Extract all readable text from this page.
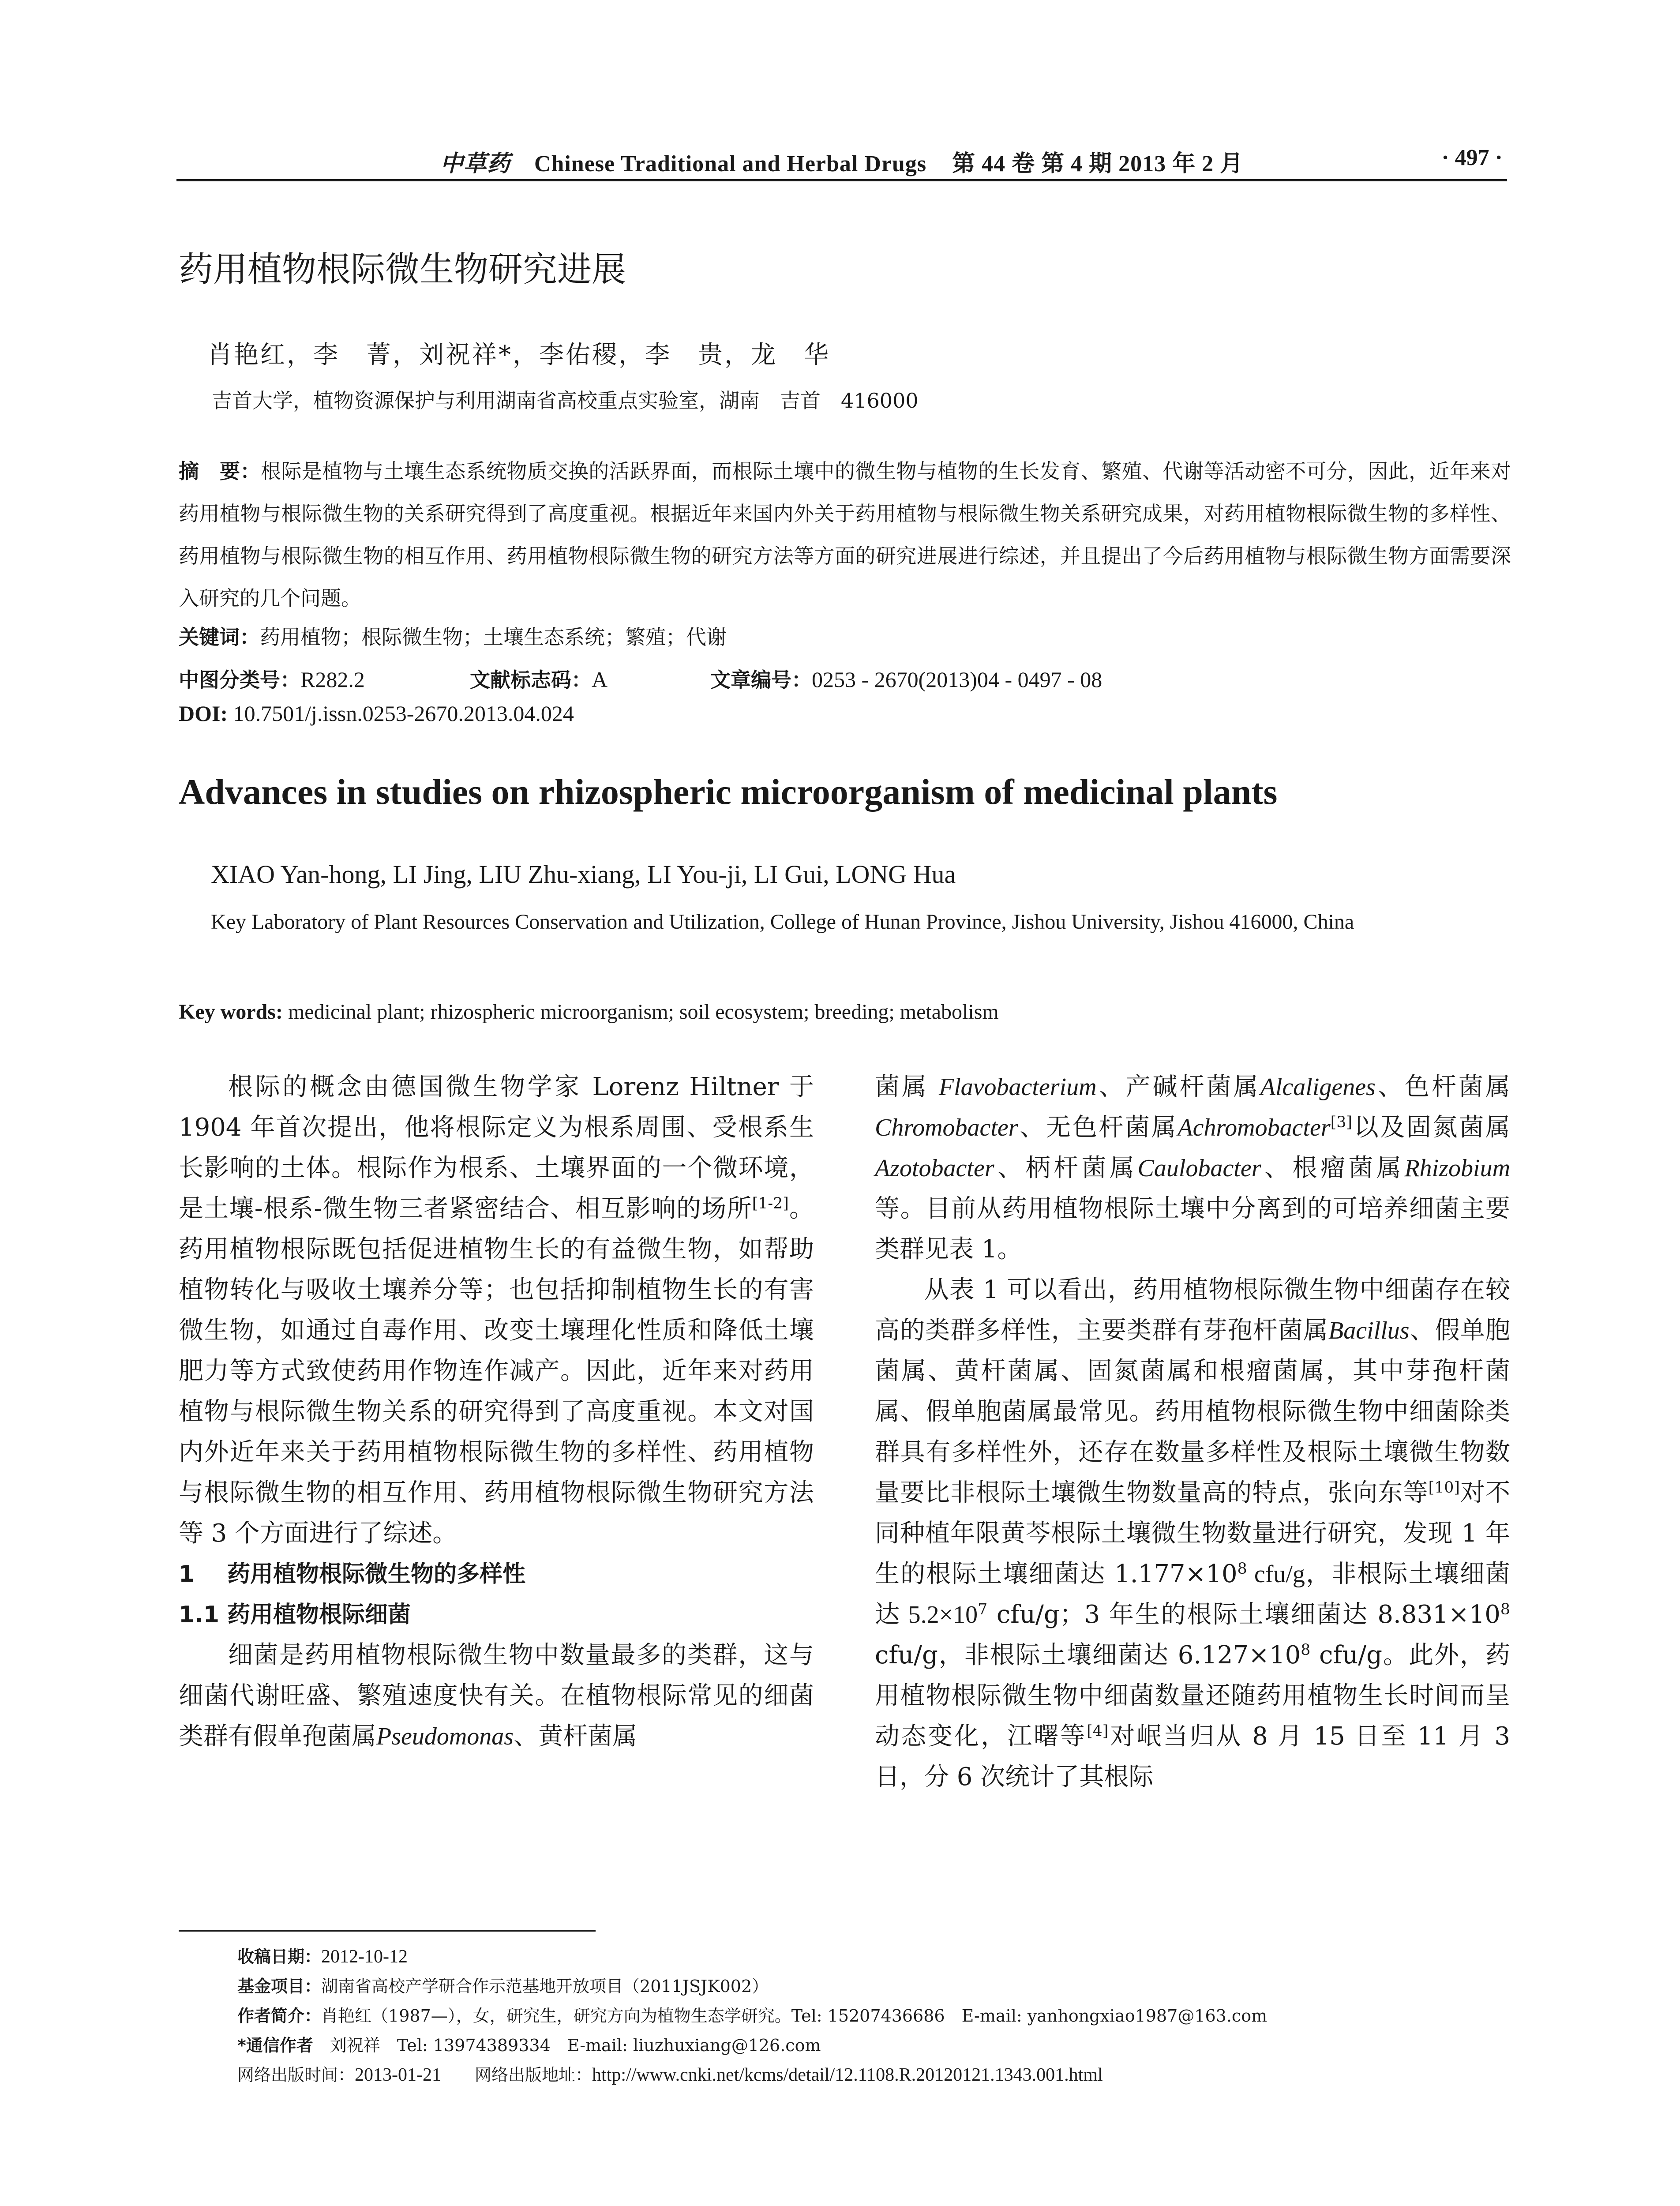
中草药 Chinese Traditional and Herbal Drugs 第 44 卷 第 4 期 2013 年 2 月	· 497 ·
药用植物根际微生物研究进展
肖艳红，李　菁，刘祝祥*，李佑稷，李　贵，龙　华
吉首大学，植物资源保护与利用湖南省高校重点实验室，湖南　吉首　416000
摘　要：根际是植物与土壤生态系统物质交换的活跃界面，而根际土壤中的微生物与植物的生长发育、繁殖、代谢等活动密不可分，因此，近年来对药用植物与根际微生物的关系研究得到了高度重视。根据近年来国内外关于药用植物与根际微生物关系研究成果，对药用植物根际微生物的多样性、药用植物与根际微生物的相互作用、药用植物根际微生物的研究方法等方面的研究进展进行综述，并且提出了今后药用植物与根际微生物方面需要深入研究的几个问题。
关键词：药用植物；根际微生物；土壤生态系统；繁殖；代谢
中图分类号：R282.2	文献标志码：A	文章编号：0253 - 2670(2013)04 - 0497 - 08
DOI: 10.7501/j.issn.0253-2670.2013.04.024
Advances in studies on rhizospheric microorganism of medicinal plants
XIAO Yan-hong, LI Jing, LIU Zhu-xiang, LI You-ji, LI Gui, LONG Hua
Key Laboratory of Plant Resources Conservation and Utilization, College of Hunan Province, Jishou University, Jishou 416000, China
Key words: medicinal plant; rhizospheric microorganism; soil ecosystem; breeding; metabolism

根际的概念由德国微生物学家 Lorenz Hiltner 于 1904 年首次提出，他将根际定义为根系周围、受根系生长影响的土体。根际作为根系、土壤界面的一个微环境，是土壤-根系-微生物三者紧密结合、相互影响的场所[1-2]。药用植物根际既包括促进植物生长的有益微生物，如帮助植物转化与吸收土壤养分等；也包括抑制植物生长的有害微生物，如通过自毒作用、改变土壤理化性质和降低土壤肥力等方式致使药用作物连作减产。因此，近年来对药用植物与根际微生物关系的研究得到了高度重视。本文对国内外近年来关于药用植物根际微生物的多样性、药用植物与根际微生物的相互作用、药用植物根际微生物研究方法等 3 个方面进行了综述。

1 药用植物根际微生物的多样性

1.1 药用植物根际细菌

细菌是药用植物根际微生物中数量最多的类群，这与细菌代谢旺盛、繁殖速度快有关。在植物根际常见的细菌类群有假单孢菌属Pseudomonas、黄杆菌属

菌属 Flavobacterium、产碱杆菌属Alcaligenes、色杆菌属Chromobacter、无色杆菌属Achromobacter[3]以及固氮菌属Azotobacter、柄杆菌属Caulobacter、根瘤菌属Rhizobium 等。目前从药用植物根际土壤中分离到的可培养细菌主要类群见表 1。

从表 1 可以看出，药用植物根际微生物中细菌存在较高的类群多样性，主要类群有芽孢杆菌属Bacillus、假单胞菌属、黄杆菌属、固氮菌属和根瘤菌属，其中芽孢杆菌属、假单胞菌属最常见。药用植物根际微生物中细菌除类群具有多样性外，还存在数量多样性及根际土壤微生物数量要比非根际土壤微生物数量高的特点，张向东等[10]对不同种植年限黄芩根际土壤微生物数量进行研究，发现 1 年生的根际土壤细菌达 $1.177\times 10^8$ cfu/g，非根际土壤细菌达 $5.2\times 10^7$ cfu/g；3 年生的根际土壤细菌达 $8.831\times 10^8$ cfu/g，非根际土壤细菌达 $6.127\times 10^8$ cfu/g。此外，药用植物根际微生物中细菌数量还随药用植物生长时间而呈动态变化，江曙等[4]对岷当归从 8 月 15 日至 11 月 3 日，分 6 次统计了其根际

收稿日期：2012-10-12
基金项目：湖南省高校产学研合作示范基地开放项目（2011JSJK002）
作者简介：肖艳红（1987—），女，研究生，研究方向为植物生态学研究。Tel: 15207436686　E-mail: yanhongxiao1987@163.com
*通信作者　 刘祝祥　Tel: 13974389334　E-mail: liuzhuxiang@126.com
网络出版时间：2013-01-21　　 网络出版地址：http://www.cnki.net/kcms/detail/12.1108.R.20120121.1343.001.html
